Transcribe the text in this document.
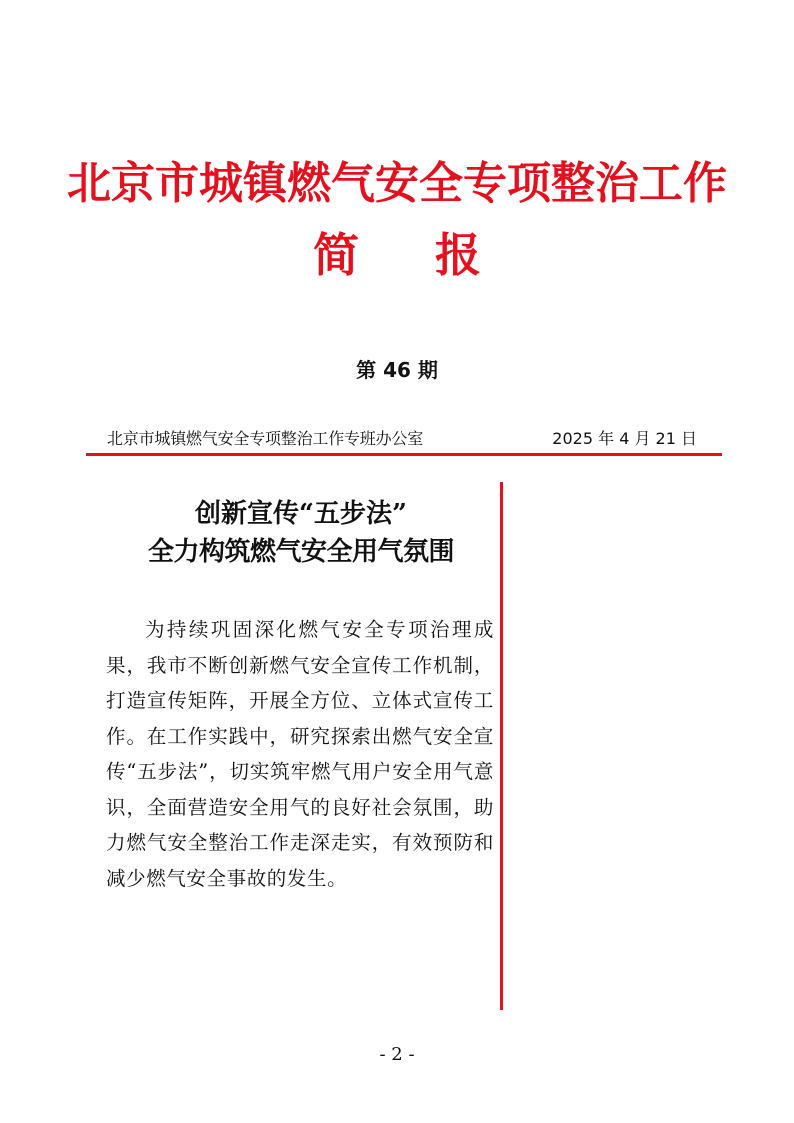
北京市城镇燃气安全专项整治工作
简 报
第 46 期
北京市城镇燃气安全专项整治工作专班办公室	2025 年 4 月 21 日
创新宣传“五步法”
全力构筑燃气安全用气氛围
为持续巩固深化燃气安全专项治理成果，我市不断创新燃气安全宣传工作机制，打造宣传矩阵，开展全方位、立体式宣传工作。在工作实践中，研究探索出燃气安全宣传“五步法”，切实筑牢燃气用户安全用气意识，全面营造安全用气的良好社会氛围，助力燃气安全整治工作走深走实，有效预防和减少燃气安全事故的发生。
- 2 -
